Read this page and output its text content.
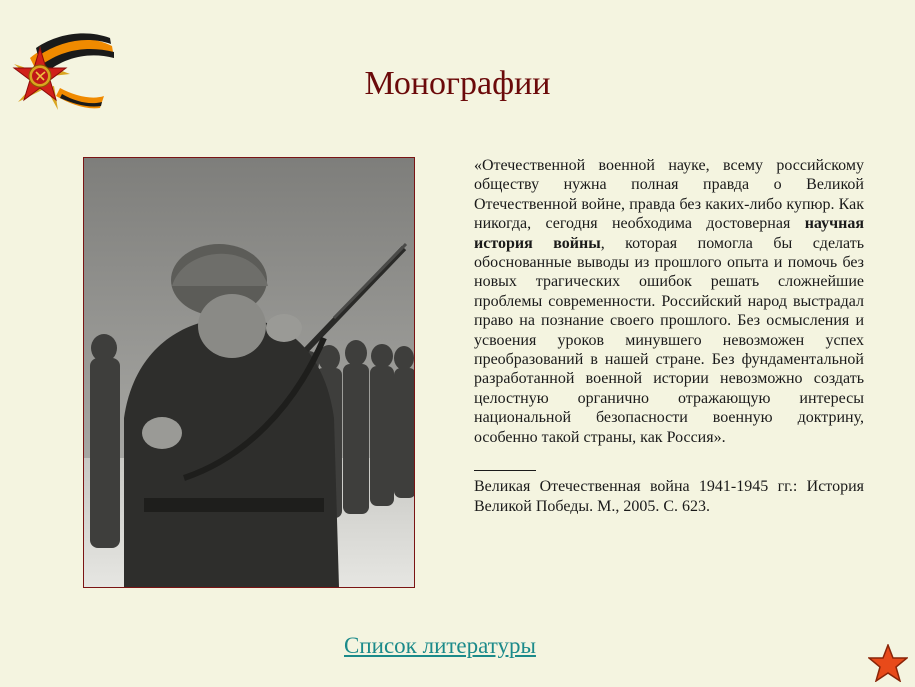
Монографии

«Отечественной военной науке, всему российскому обществу нужна полная правда о Великой Отечественной войне, правда без каких-либо купюр. Как никогда, сегодня необходима достоверная научная история войны, которая помогла бы сделать обоснованные выводы из прошлого опыта и помочь без новых трагических ошибок решать сложнейшие проблемы современности. Российский народ выстрадал право на познание своего прошлого. Без осмысления и усвоения уроков минувшего невозможен успех преобразований в нашей стране. Без фундаментальной разработанной военной истории невозможно создать целостную органично отражающую интересы национальной безопасности военную доктрину, особенно такой страны, как Россия».

Великая Отечественная война 1941-1945 гг.: История Великой Победы. М., 2005. С. 623.

Список литературы
